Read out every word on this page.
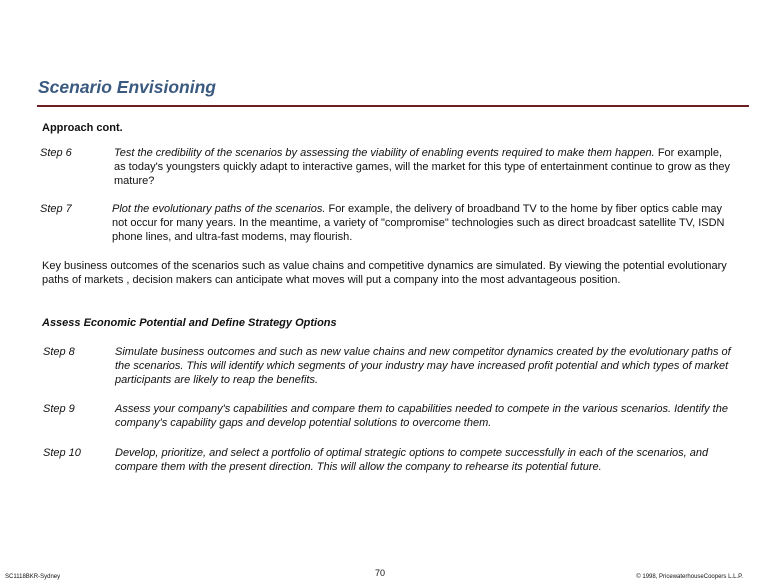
Scenario Envisioning
Approach cont.
Step 6	Test the credibility of the scenarios by assessing the viability of enabling events required to make them happen. For example, as today's youngsters quickly adapt to interactive games, will the market for this type of entertainment continue to grow as they mature?
Step 7	Plot the evolutionary paths of the scenarios. For example, the delivery of broadband TV to the home by fiber optics cable may not occur for many years. In the meantime, a variety of "compromise" technologies such as direct broadcast satellite TV, ISDN phone lines, and ultra-fast modems, may flourish.
Key business outcomes of the scenarios such as value chains and competitive dynamics are simulated. By viewing the potential evolutionary paths of markets , decision makers can anticipate what moves will put a company into the most advantageous position.
Assess Economic Potential and Define Strategy Options
Step 8	Simulate business outcomes and such as new value chains and new competitor dynamics created by the evolutionary paths of the scenarios. This will identify which segments of your industry may have increased profit potential and which types of market participants are likely to reap the benefits.
Step 9	Assess your company's capabilities and compare them to capabilities needed to compete in the various scenarios. Identify the company's capability gaps and develop potential solutions to overcome them.
Step 10	Develop, prioritize, and select a portfolio of optimal strategic options to compete successfully in each of the scenarios, and compare them with the present direction. This will allow the company to rehearse its potential future.
SC1118BKR-Sydney	70	© 1998, PricewaterhouseCoopers L.L.P.
